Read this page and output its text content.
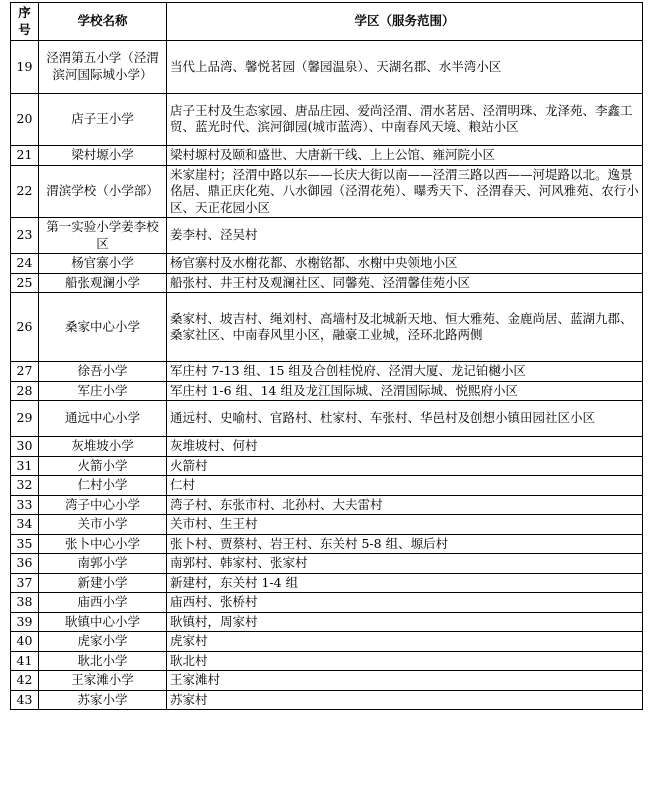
序号	学校名称	学区（服务范围）
19	泾渭第五小学（泾渭滨河国际城小学）	当代上品湾、馨悦茗园（馨园温泉）、天湖名郡、水半湾小区
20	店子王小学	店子王村及生态家园、唐品庄园、爱尚泾渭、渭水茗居、泾渭明珠、龙泽苑、李鑫工贸、蓝光时代、滨河御园(城市蓝湾）、中南春风天境、粮站小区
21	梁村塬小学	梁村塬村及颐和盛世、大唐新干线、上上公馆、雍河院小区
22	渭滨学校（小学部）	米家崖村；泾渭中路以东——长庆大街以南——泾渭三路以西——河堤路以北。逸景佲居、鼎正庆化苑、八水御园（泾渭花苑）、曝秀天下、泾渭春天、河风雅苑、农行小区、天正花园小区
23	第一实验小学姜李校区	姜李村、泾吴村
24	杨官寨小学	杨官寨村及水榭花都、水榭铭都、水榭中央领地小区
25	船张观澜小学	船张村、井王村及观澜社区、同馨苑、泾渭馨佳苑小区
26	桑家中心小学	桑家村、坡吉村、绳刘村、高墙村及北城新天地、恒大雅苑、金鹿尚居、蓝湖九郡、桑家社区、中南春风里小区，融豪工业城，泾环北路两侧
27	徐吾小学	军庄村 7-13 组、15 组及合创桂悦府、泾渭大厦、龙记铂樾小区
28	军庄小学	军庄村 1-6 组、14 组及龙江国际城、泾渭国际城、悦熙府小区
29	通远中心小学	通远村、史喻村、官路村、杜家村、车张村、华邑村及创想小镇田园社区小区
30	灰堆坡小学	灰堆坡村、何村
31	火箭小学	火箭村
32	仁村小学	仁村
33	湾子中心小学	湾子村、东张市村、北孙村、大夫雷村
34	关市小学	关市村、生王村
35	张卜中心小学	张卜村、贾蔡村、岩王村、东关村 5-8 组、塬后村
36	南郭小学	南郭村、韩家村、张家村
37	新建小学	新建村，东关村 1-4 组
38	庙西小学	庙西村、张桥村
39	耿镇中心小学	耿镇村，周家村
40	虎家小学	虎家村
41	耿北小学	耿北村
42	王家滩小学	王家滩村
43	苏家小学	苏家村
